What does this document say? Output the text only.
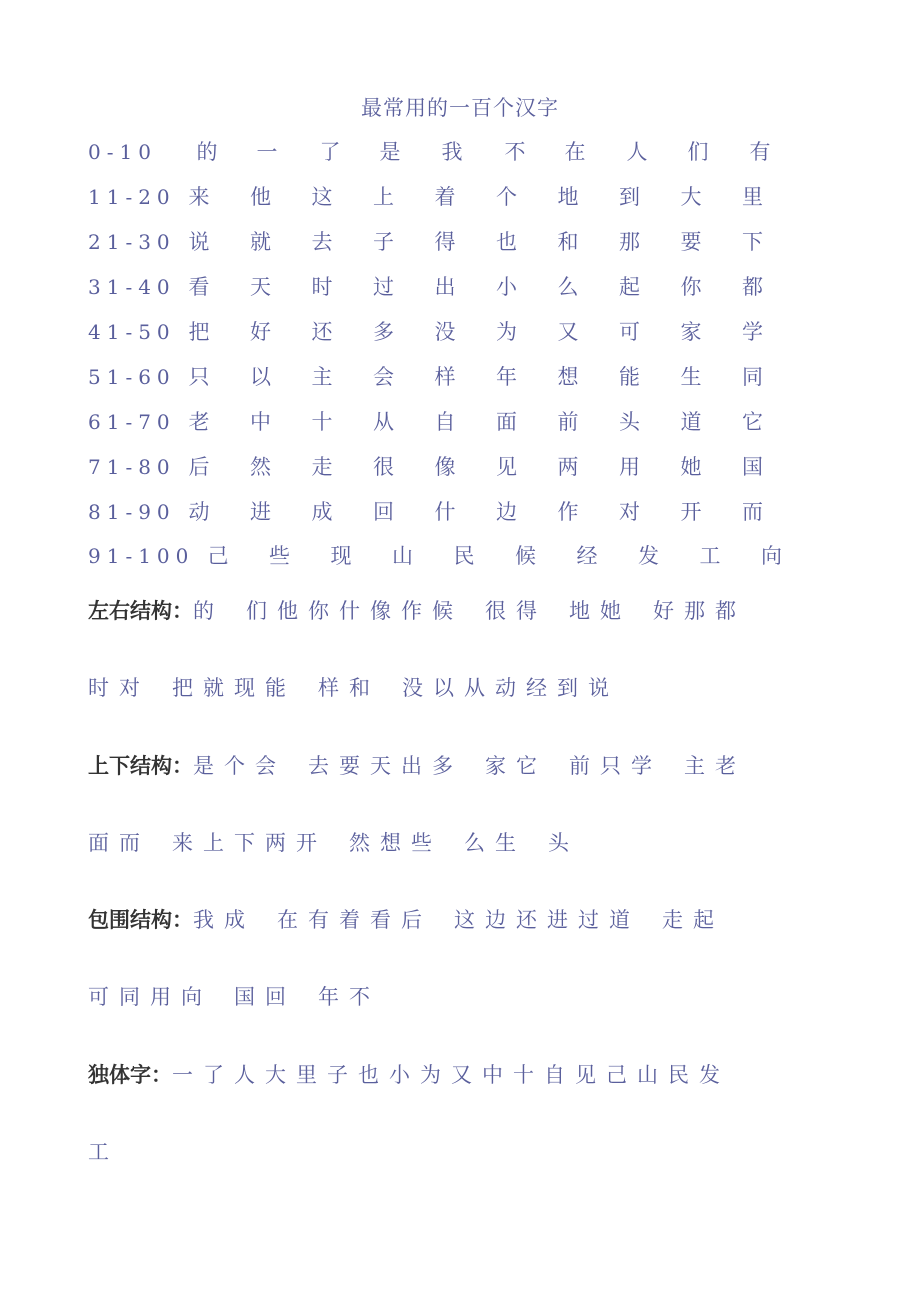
最常用的一百个汉字
0-10 的 一 了 是 我 不 在 人 们 有
11-20 来 他 这 上 着 个 地 到 大 里
21-30 说 就 去 子 得 也 和 那 要 下
31-40 看 天 时 过 出 小 么 起 你 都
41-50 把 好 还 多 没 为 又 可 家 学
51-60 只 以 主 会 样 年 想 能 生 同
61-70 老 中 十 从 自 面 前 头 道 它
71-80 后 然 走 很 像 见 两 用 她 国
81-90 动 进 成 回 什 边 作 对 开 而
91-100 己 些 现 山 民 候 经 发 工 向
左右结构：的 们他你什像作候 很得 地她 好那都
时对 把就现能 样和 没以从动经到说
上下结构：是个会 去要天出多 家它 前只学 主老
面而 来上下两开 然想些 么生 头
包围结构：我成 在有着看后 这边还进过道 走起
可同用向 国回 年不
独体字：一了人大里子也小为又中十自见己山民发
工
